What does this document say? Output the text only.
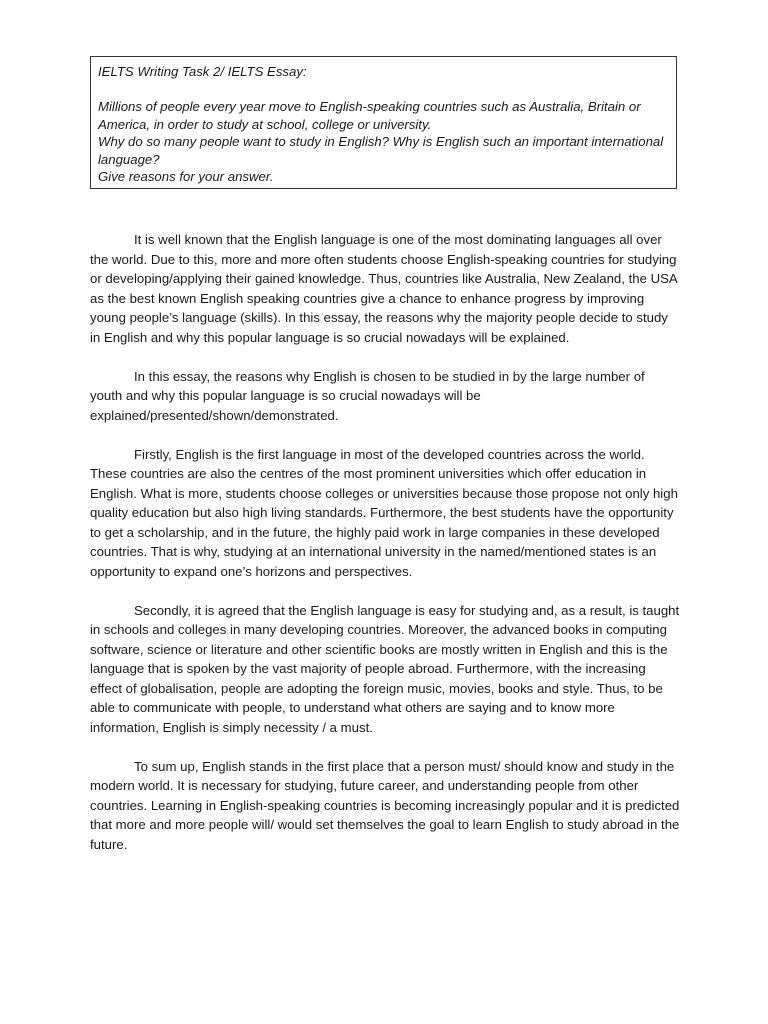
IELTS Writing Task 2/ IELTS Essay:

Millions of people every year move to English-speaking countries such as Australia, Britain or America, in order to study at school, college or university.

Why do so many people want to study in English? Why is English such an important international language?

Give reasons for your answer.

It is well known that the English language is one of the most dominating languages all over the world. Due to this, more and more often students choose English-speaking countries for studying or developing/applying their gained knowledge. Thus, countries like Australia, New Zealand, the USA as the best known English speaking countries give a chance to enhance progress by improving young people’s language (skills). In this essay, the reasons why the majority people decide to study in English and why this popular language is so crucial nowadays will be explained.

In this essay, the reasons why English is chosen to be studied in by the large number of youth and why this popular language is so crucial nowadays will be explained/presented/shown/demonstrated.

Firstly, English is the first language in most of the developed countries across the world. These countries are also the centres of the most prominent universities which offer education in English. What is more, students choose colleges or universities because those propose not only high quality education but also high living standards. Furthermore, the best students have the opportunity to get a scholarship, and in the future, the highly paid work in large companies in these developed countries. That is why, studying at an international university in the named/mentioned states is an opportunity to expand one’s horizons and perspectives.

Secondly, it is agreed that the English language is easy for studying and, as a result, is taught in schools and colleges in many developing countries. Moreover, the advanced books in computing software, science or literature and other scientific books are mostly written in English and this is the language that is spoken by the vast majority of people abroad. Furthermore, with the increasing effect of globalisation, people are adopting the foreign music, movies, books and style. Thus, to be able to communicate with people, to understand what others are saying and to know more information, English is simply necessity / a must.

To sum up, English stands in the first place that a person must/ should know and study in the modern world. It is necessary for studying, future career, and understanding people from other countries. Learning in English-speaking countries is becoming increasingly popular and it is predicted that more and more people will/ would set themselves the goal to learn English to study abroad in the future.
